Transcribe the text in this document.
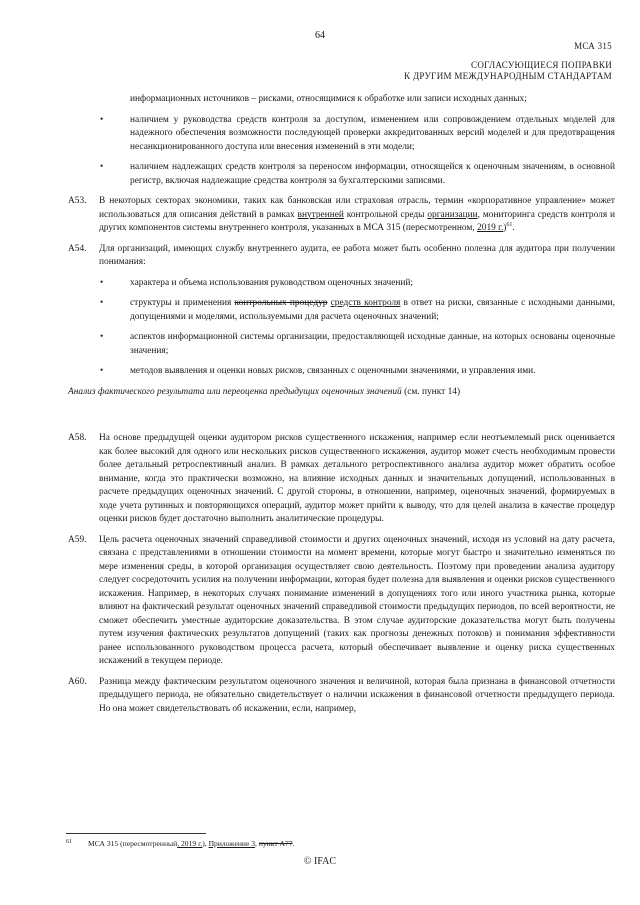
64
МСА 315
СОГЛАСУЮЩИЕСЯ ПОПРАВКИ
К ДРУГИМ МЕЖДУНАРОДНЫМ СТАНДАРТАМ

информационных источников – рисками, относящимися к обработке или записи исходных данных;

•	наличием у руководства средств контроля за доступом, изменением или сопровождением отдельных моделей для надежного обеспечения возможности последующей проверки аккредитованных версий моделей и для предотвращения несанкционированного доступа или внесения изменений в эти модели;

•	наличием надлежащих средств контроля за переносом информации, относящейся к оценочным значениям, в основной регистр, включая надлежащие средства контроля за бухгалтерскими записями.

A53.	В некоторых секторах экономики, таких как банковская или страховая отрасль, термин «корпоративное управление» может использоваться для описания действий в рамках внутренней контрольной среды организации, мониторинга средств контроля и других компонентов системы внутреннего контроля, указанных в МСА 315 (пересмотренном, 2019 г.)$^{61}$.

A54.	Для организаций, имеющих службу внутреннего аудита, ее работа может быть особенно полезна для аудитора при получении понимания:

•	характера и объема использования руководством оценочных значений;

•	структуры и применения контрольных процедур средств контроля в ответ на риски, связанные с исходными данными, допущениями и моделями, используемыми для расчета оценочных значений;

•	аспектов информационной системы организации, предоставляющей исходные данные, на которых основаны оценочные значения;

•	методов выявления и оценки новых рисков, связанных с оценочными значениями, и управления ими.

Анализ фактического результата или переоценка предыдущих оценочных значений (см. пункт 14)

A58.	На основе предыдущей оценки аудитором рисков существенного искажения, например если неотъемлемый риск оценивается как более высокий для одного или нескольких рисков существенного искажения, аудитор может счесть необходимым провести более детальный ретроспективный анализ. В рамках детального ретроспективного анализа аудитор может обратить особое внимание, когда это практически возможно, на влияние исходных данных и значительных допущений, использованных в расчете предыдущих оценочных значений. С другой стороны, в отношении, например, оценочных значений, формируемых в ходе учета рутинных и повторяющихся операций, аудитор может прийти к выводу, что для целей анализа в качестве процедур оценки рисков будет достаточно выполнить аналитические процедуры.

A59.	Цель расчета оценочных значений справедливой стоимости и других оценочных значений, исходя из условий на дату расчета, связана с представлениями в отношении стоимости на момент времени, которые могут быстро и значительно изменяться по мере изменения среды, в которой организация осуществляет свою деятельность. Поэтому при проведении анализа аудитору следует сосредоточить усилия на получении информации, которая будет полезна для выявления и оценки рисков существенного искажения. Например, в некоторых случаях понимание изменений в допущениях того или иного участника рынка, которые влияют на фактический результат оценочных значений справедливой стоимости предыдущих периодов, по всей вероятности, не сможет обеспечить уместные аудиторские доказательства. В этом случае аудиторские доказательства могут быть получены путем изучения фактических результатов допущений (таких как прогнозы денежных потоков) и понимания эффективности ранее использованного руководством процесса расчета, который обеспечивает выявление и оценку риска существенных искажений в текущем периоде.

A60.	Разница между фактическим результатом оценочного значения и величиной, которая была признана в финансовой отчетности предыдущего периода, не обязательно свидетельствует о наличии искажения в финансовой отчетности предыдущего периода. Но она может свидетельствовать об искажении, если, например,

61	МСА 315 (пересмотренный, 2019 г.), Приложение 3, пункт А77.
© IFAC
